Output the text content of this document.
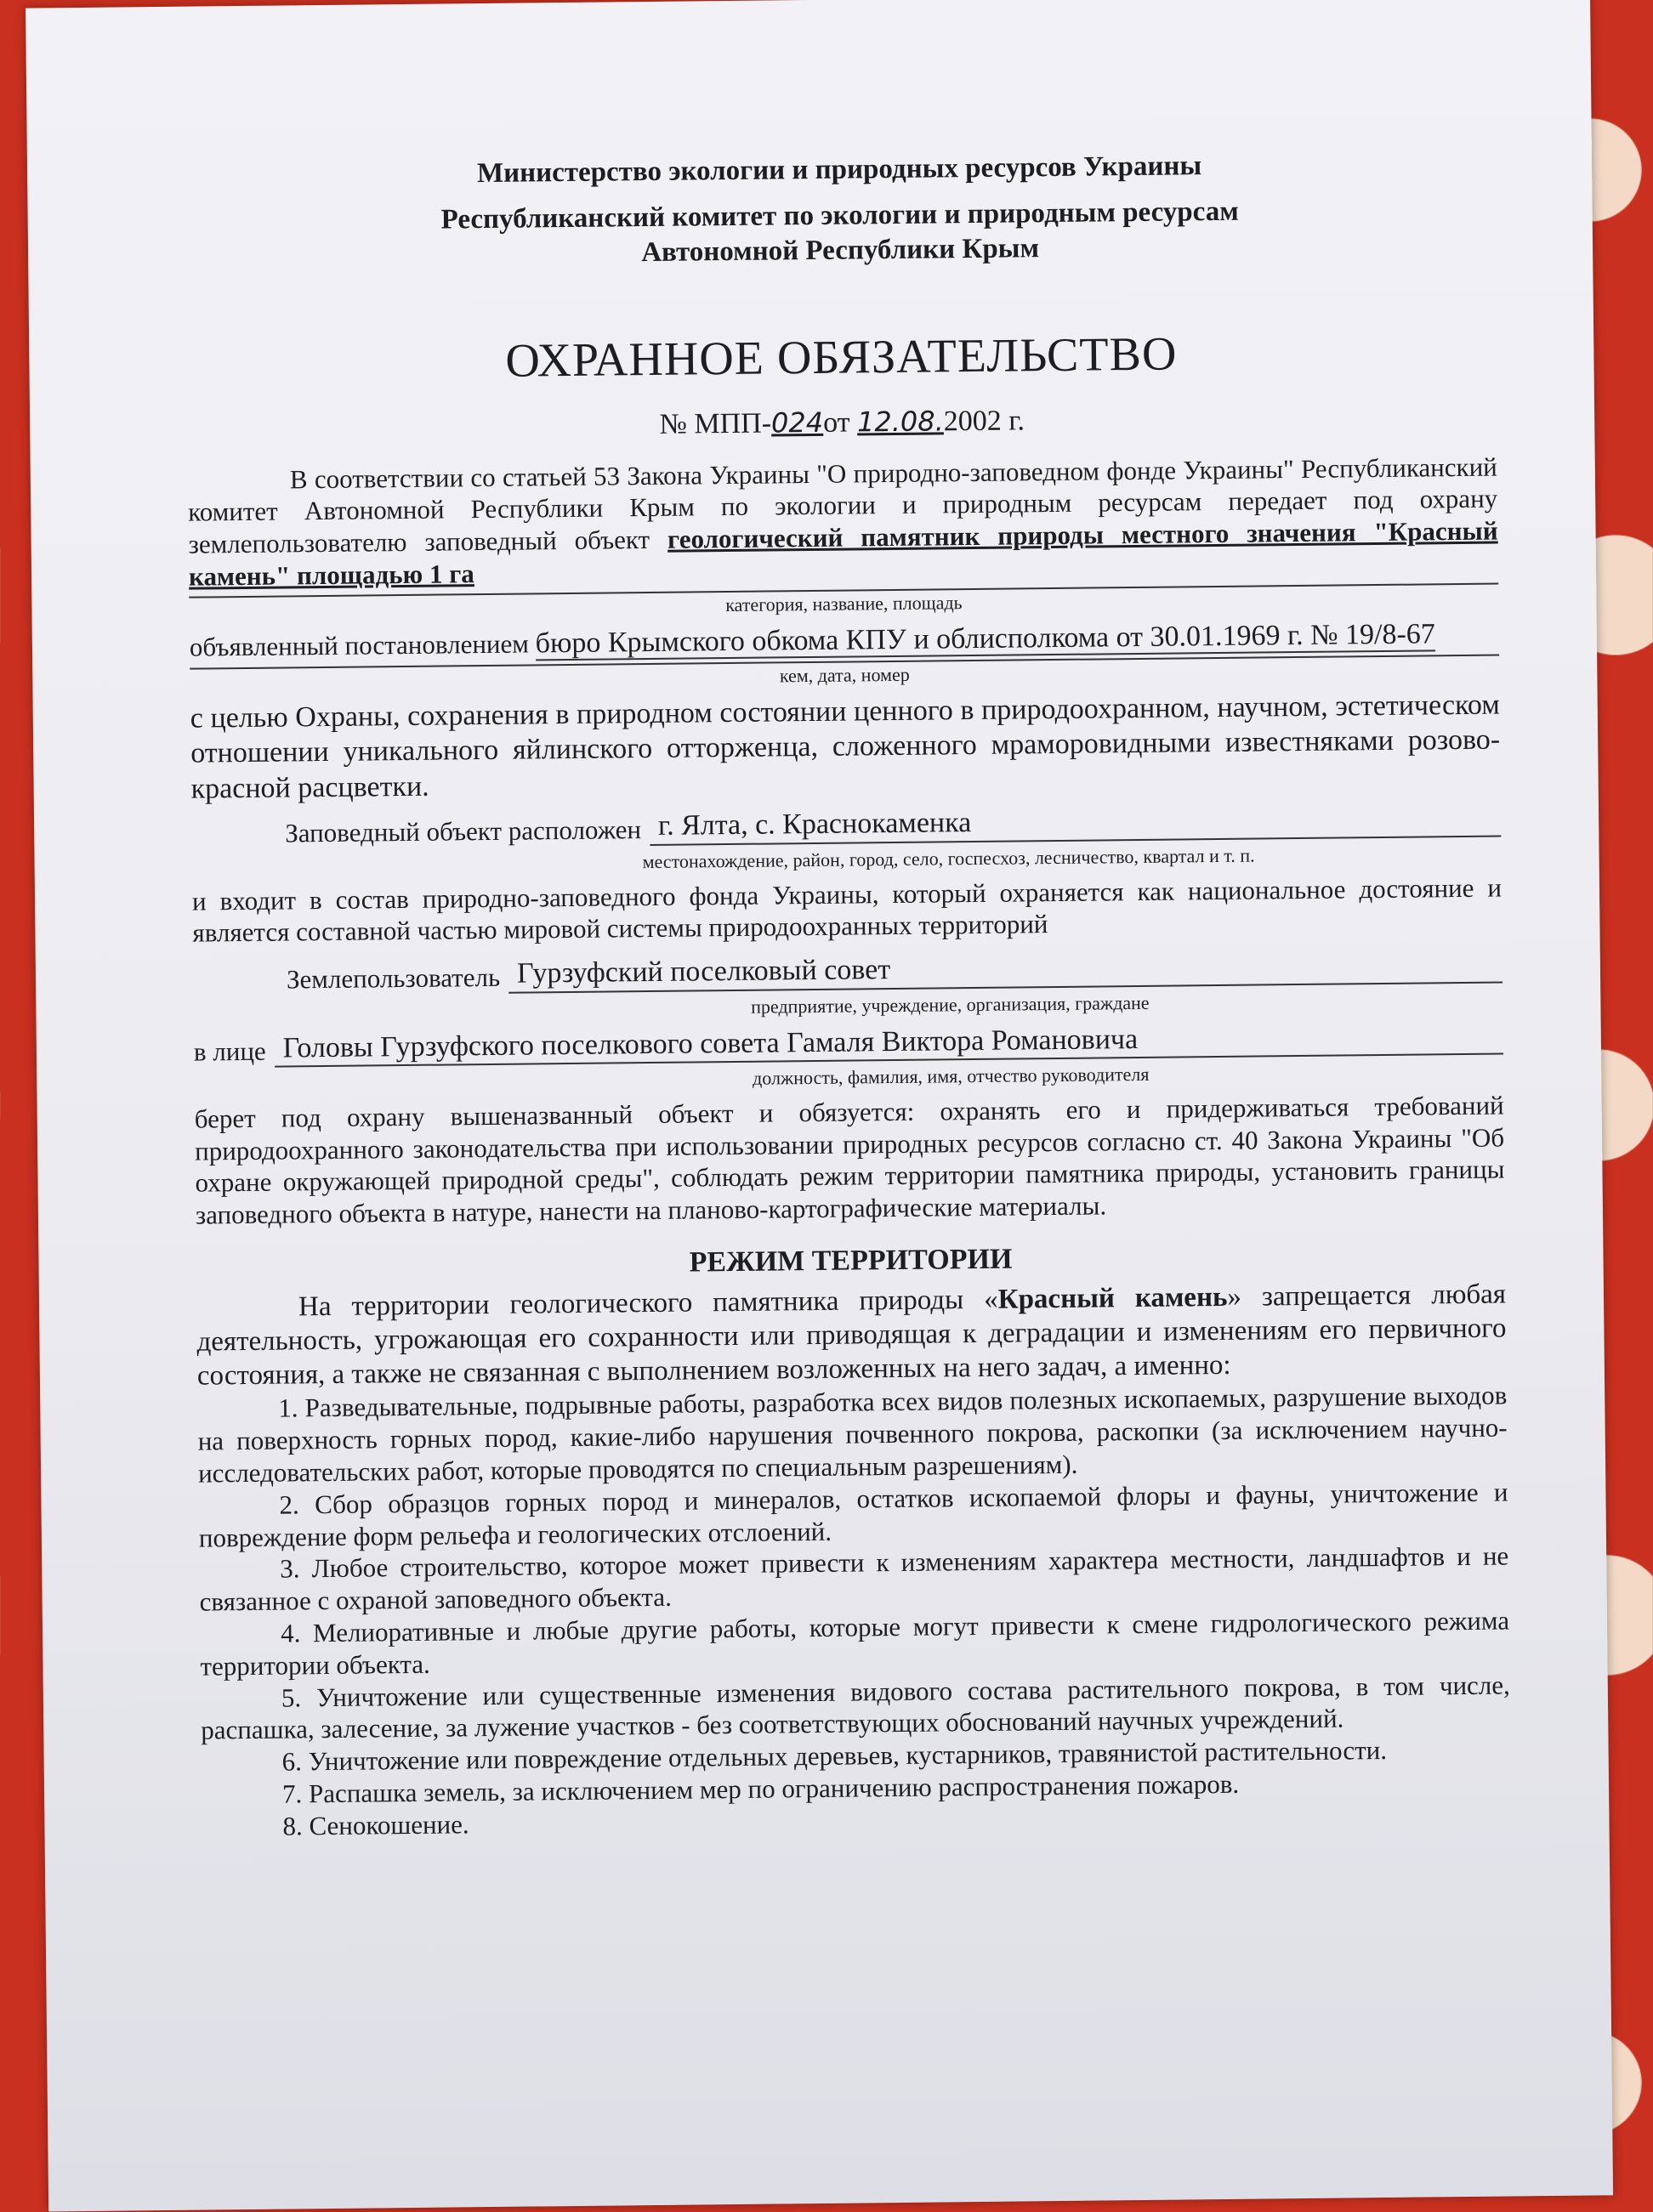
Министерство экологии и природных ресурсов Украины

Республиканский комитет по экологии и природным ресурсам

Автономной Республики Крым

ОХРАННОЕ ОБЯЗАТЕЛЬСТВО
№ МПП-024от 12.08.2002 г.

В соответствии со статьей 53 Закона Украины "О природно-заповедном фонде Украины" Республиканский комитет Автономной Республики Крым по экологии и природным ресурсам передает под охрану землепользователю заповедный объект геологический памятник природы местного значения "Красный камень" площадью 1 га

категория, название, площадь

объявленный постановлением бюро Крымского обкома КПУ и облисполкома от 30.01.1969 г. № 19/8-67

кем, дата, номер

с целью Охраны, сохранения в природном состоянии ценного в природоохранном, научном, эстетическом отношении уникального яйлинского отторженца, сложенного мраморовидными известняками розово-красной расцветки.

Заповедный объект расположен г. Ялта, с. Краснокаменка
местонахождение, район, город, село, госпесхоз, лесничество, квартал и т. п.

и входит в состав природно-заповедного фонда Украины, который охраняется как национальное достояние и является составной частью мировой системы природоохранных территорий

Землепользователь Гурзуфский поселковый совет
предприятие, учреждение, организация, граждане
в лице Головы Гурзуфского поселкового совета Гамаля Виктора Романовича
должность, фамилия, имя, отчество руководителя

берет под охрану вышеназванный объект и обязуется: охранять его и придерживаться требований природоохранного законодательства при использовании природных ресурсов согласно ст. 40 Закона Украины "Об охране окружающей природной среды", соблюдать режим территории памятника природы, установить границы заповедного объекта в натуре, нанести на планово-картографические материалы.

РЕЖИМ ТЕРРИТОРИИ

На территории геологического памятника природы «Красный камень» запрещается любая деятельность, угрожающая его сохранности или приводящая к деградации и изменениям его первичного состояния, а также не связанная с выполнением возложенных на него задач, а именно:

1. Разведывательные, подрывные работы, разработка всех видов полезных ископаемых, разрушение выходов на поверхность горных пород, какие-либо нарушения почвенного покрова, раскопки (за исключением научно-исследовательских работ, которые проводятся по специальным разрешениям).

2. Сбор образцов горных пород и минералов, остатков ископаемой флоры и фауны, уничтожение и повреждение форм рельефа и геологических отслоений.

3. Любое строительство, которое может привести к изменениям характера местности, ландшафтов и не связанное с охраной заповедного объекта.

4. Мелиоративные и любые другие работы, которые могут привести к смене гидрологического режима территории объекта.

5. Уничтожение или существенные изменения видового состава растительного покрова, в том числе, распашка, залесение, за лужение участков - без соответствующих обоснований научных учреждений.

6. Уничтожение или повреждение отдельных деревьев, кустарников, травянистой растительности.

7. Распашка земель, за исключением мер по ограничению распространения пожаров.

8. Сенокошение.
